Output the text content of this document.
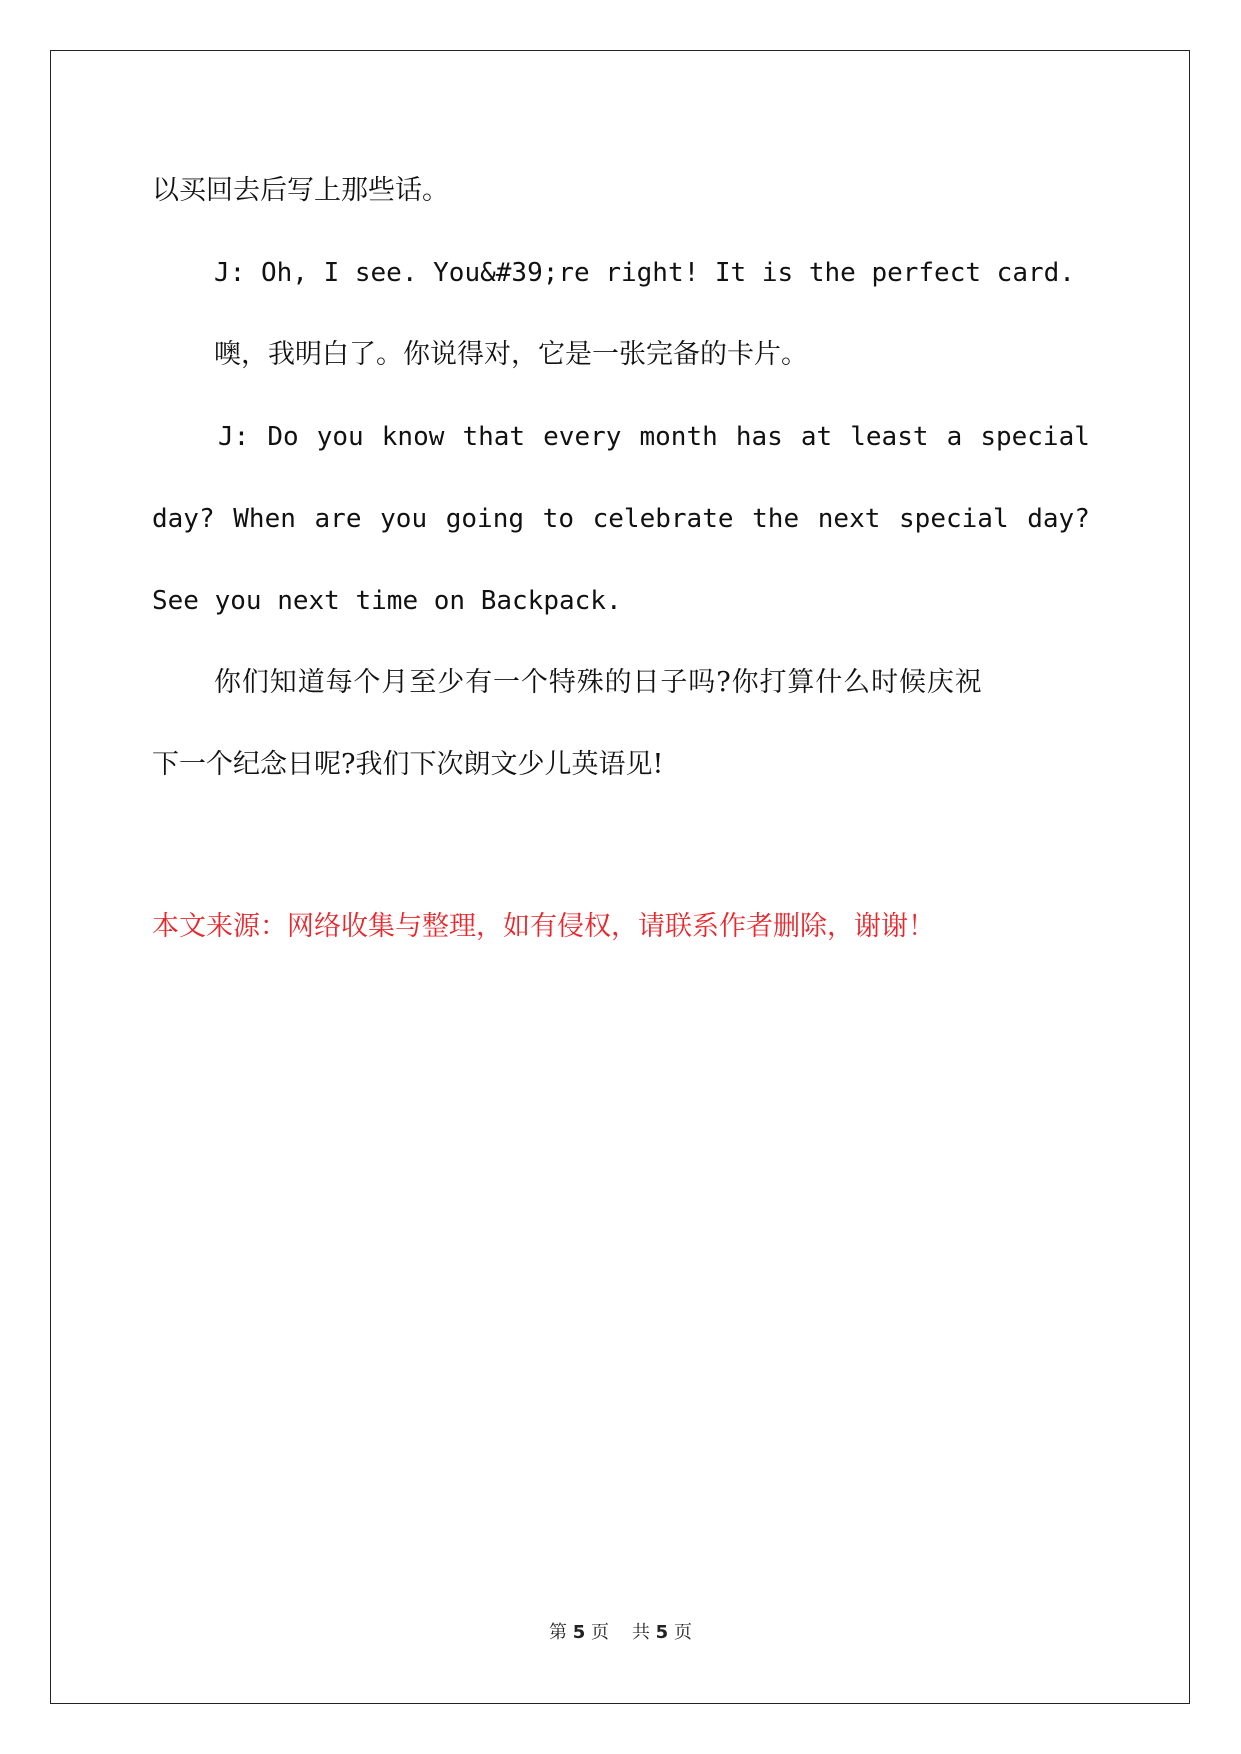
以买回去后写上那些话。
J: Oh, I see. You&#39;re right! It is the perfect card.
噢，我明白了。你说得对，它是一张完备的卡片。
J: Do you know that every month has at least a special
day? When are you going to celebrate the next special day?
See you next time on Backpack.
你们知道每个月至少有一个特殊的日子吗?你打算什么时候庆祝
下一个纪念日呢?我们下次朗文少儿英语见!
本文来源：网络收集与整理，如有侵权，请联系作者删除，谢谢！
第 5 页 共 5 页
